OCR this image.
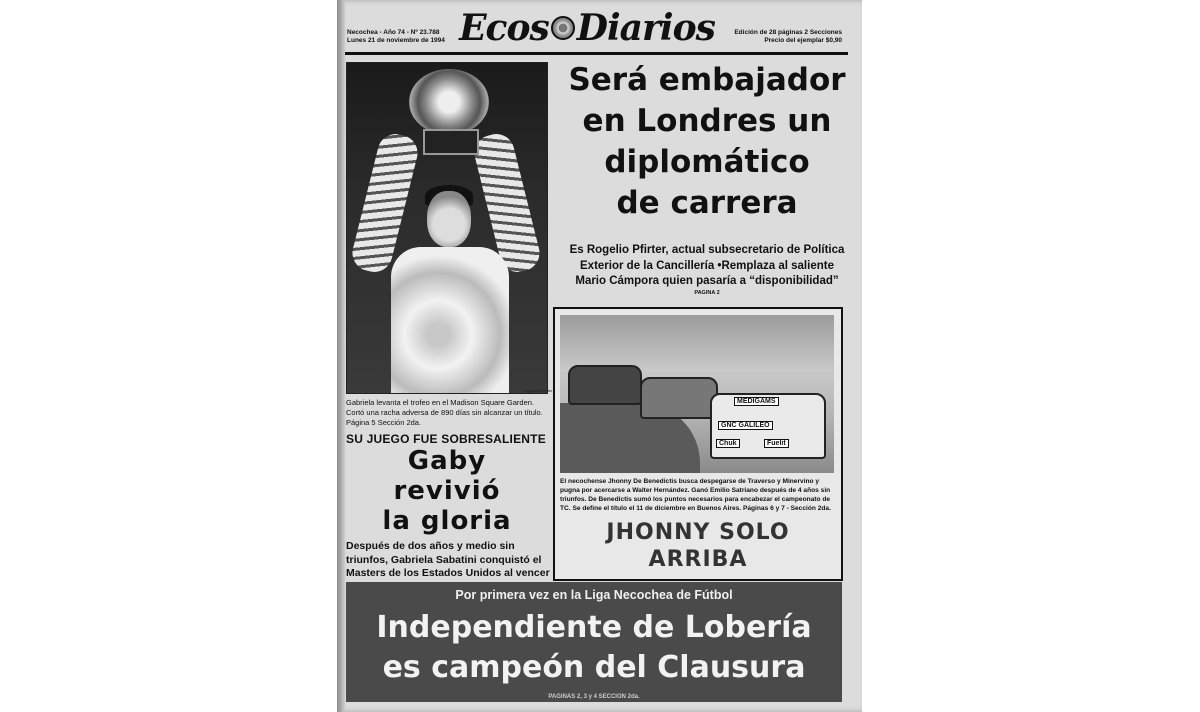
Necochea - Año 74 - Nº 23.788
Lunes 21 de noviembre de 1994 Ecos Diarios	Edición de 28 páginas 2 Secciones
Precio del ejemplar $0,90
Agencia Reuter
Gabriela levanta el trofeo en el Madison Square Garden. Cortó una racha adversa de 890 días sin alcanzar un título. Página 5 Sección 2da.
SU JUEGO FUE SOBRESALIENTE
Gaby
revivió
la gloria
Después de dos años y medio sin triunfos, Gabriela Sabatini conquistó el Masters de los Estados Unidos al vencer
Será embajador
en Londres un
diplomático
de carrera
Es Rogelio Pfirter, actual subsecretario de Política
Exterior de la Cancillería •Remplaza al saliente
Mario Cámpora quien pasaría a “disponibilidad”
PAGINA 2
MEDIGAMS
GNC GALILEO
Chuk	Fuelit
El necochense Jhonny De Benedictis busca despegarse de Traverso y Minervino y pugna por acercarse a Walter Hernández. Ganó Emilio Satriano después de 4 años sin triunfos. De Benedictis sumó los puntos necesarios para encabezar el campeonato de TC. Se define el título el 11 de diciembre en Buenos Aires. Páginas 6 y 7 - Sección 2da.
JHONNY SOLO
ARRIBA
Por primera vez en la Liga Necochea de Fútbol
Independiente de Lobería
es campeón del Clausura
PAGINAS 2, 3 y 4 SECCION 2da.
